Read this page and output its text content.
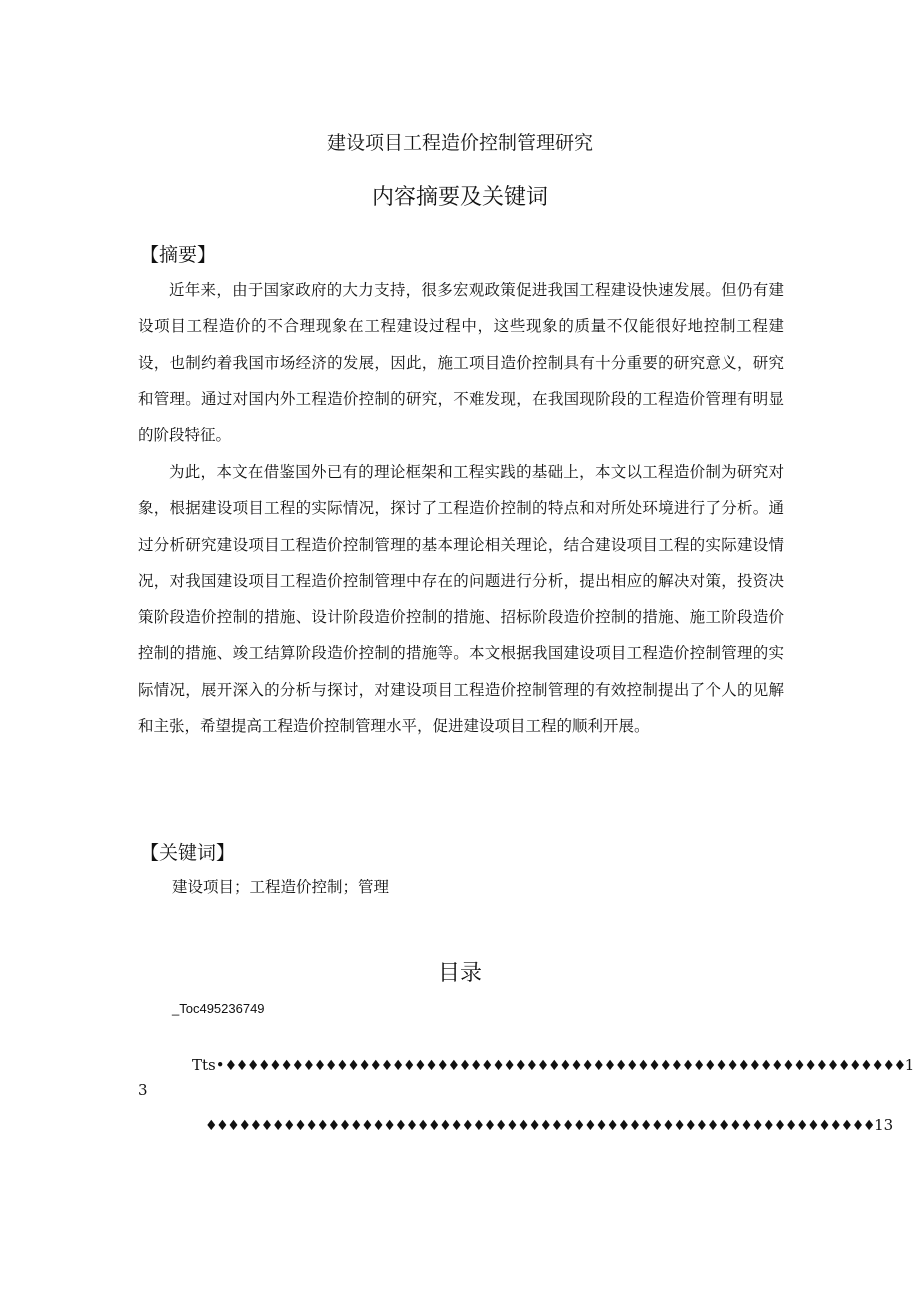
建设项目工程造价控制管理研究
内容摘要及关键词
【摘要】

近年来，由于国家政府的大力支持，很多宏观政策促进我国工程建设快速发展。但仍有建设项目工程造价的不合理现象在工程建设过程中，这些现象的质量不仅能很好地控制工程建设，也制约着我国市场经济的发展，因此，施工项目造价控制具有十分重要的研究意义，研究和管理。通过对国内外工程造价控制的研究，不难发现，在我国现阶段的工程造价管理有明显的阶段特征。

为此，本文在借鉴国外已有的理论框架和工程实践的基础上，本文以工程造价制为研究对象，根据建设项目工程的实际情况，探讨了工程造价控制的特点和对所处环境进行了分析。通过分析研究建设项目工程造价控制管理的基本理论相关理论，结合建设项目工程的实际建设情况，对我国建设项目工程造价控制管理中存在的问题进行分析，提出相应的解决对策，投资决策阶段造价控制的措施、设计阶段造价控制的措施、招标阶段造价控制的措施、施工阶段造价控制的措施、竣工结算阶段造价控制的措施等。本文根据我国建设项目工程造价控制管理的实际情况，展开深入的分析与探讨，对建设项目工程造价控制管理的有效控制提出了个人的见解和主张，希望提高工程造价控制管理水平，促进建设项目工程的顺利开展。

【关键词】
建设项目；工程造价控制；管理
目录
_Toc495236749
Tts•♦♦♦♦♦♦♦♦♦♦♦♦♦♦♦♦♦♦♦♦♦♦♦♦♦♦♦♦♦♦♦♦♦♦♦♦♦♦♦♦♦♦♦♦♦♦♦♦♦♦♦♦♦♦♦♦♦♦♦♦♦1
3
♦♦♦♦♦♦♦♦♦♦♦♦♦♦♦♦♦♦♦♦♦♦♦♦♦♦♦♦♦♦♦♦♦♦♦♦♦♦♦♦♦♦♦♦♦♦♦♦♦♦♦♦♦♦♦♦♦♦♦♦13
